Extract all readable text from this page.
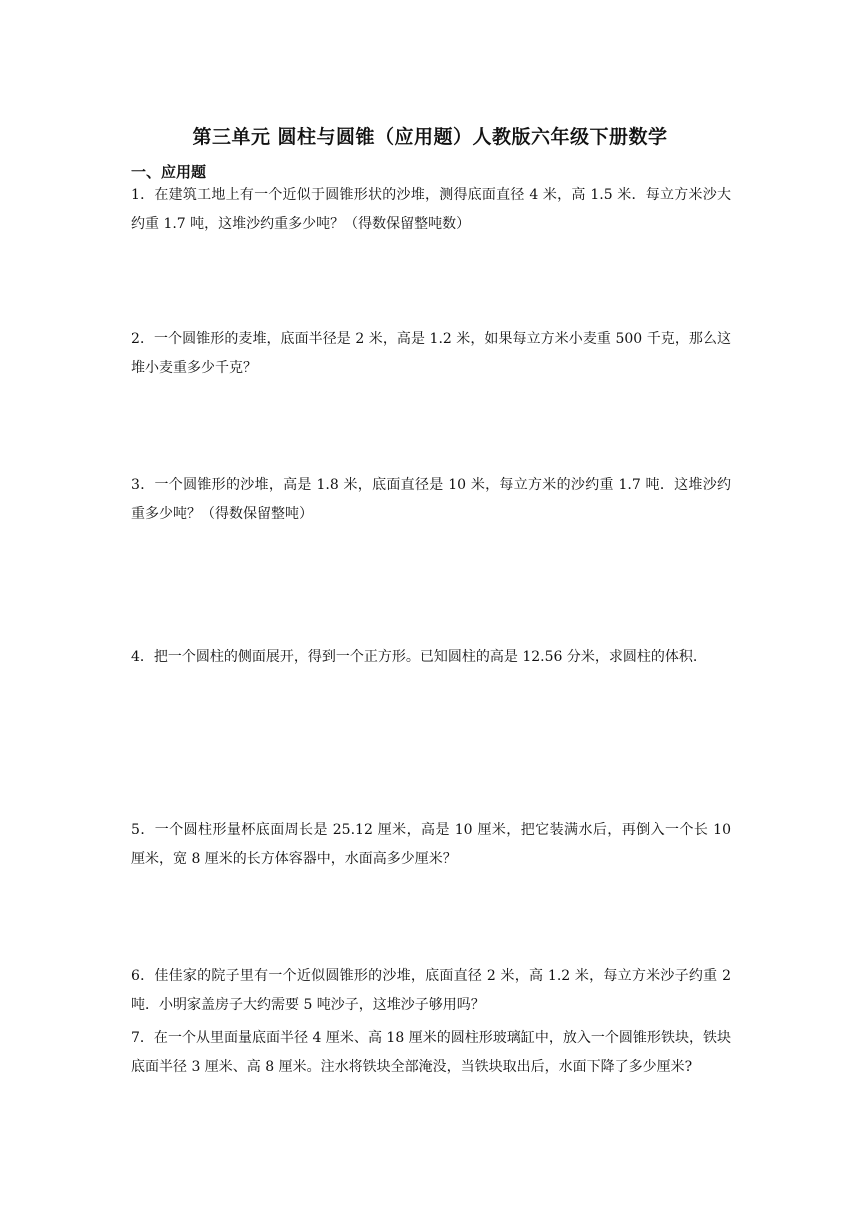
第三单元 圆柱与圆锥（应用题）人教版六年级下册数学
一、应用题
1．在建筑工地上有一个近似于圆锥形状的沙堆，测得底面直径 4 米，高 1.5 米．每立方米沙大约重 1.7 吨，这堆沙约重多少吨？（得数保留整吨数）
2．一个圆锥形的麦堆，底面半径是 2 米，高是 1.2 米，如果每立方米小麦重 500 千克，那么这堆小麦重多少千克？
3．一个圆锥形的沙堆，高是 1.8 米，底面直径是 10 米，每立方米的沙约重 1.7 吨．这堆沙约重多少吨？（得数保留整吨）
4．把一个圆柱的侧面展开，得到一个正方形。已知圆柱的高是 12.56 分米，求圆柱的体积.
5．一个圆柱形量杯底面周长是 25.12 厘米，高是 10 厘米，把它装满水后，再倒入一个长 10 厘米，宽 8 厘米的长方体容器中，水面高多少厘米？
6．佳佳家的院子里有一个近似圆锥形的沙堆，底面直径 2 米，高 1.2 米，每立方米沙子约重 2 吨．小明家盖房子大约需要 5 吨沙子，这堆沙子够用吗？
7．在一个从里面量底面半径 4 厘米、高 18 厘米的圆柱形玻璃缸中，放入一个圆锥形铁块，铁块底面半径 3 厘米、高 8 厘米。注水将铁块全部淹没，当铁块取出后，水面下降了多少厘米?
